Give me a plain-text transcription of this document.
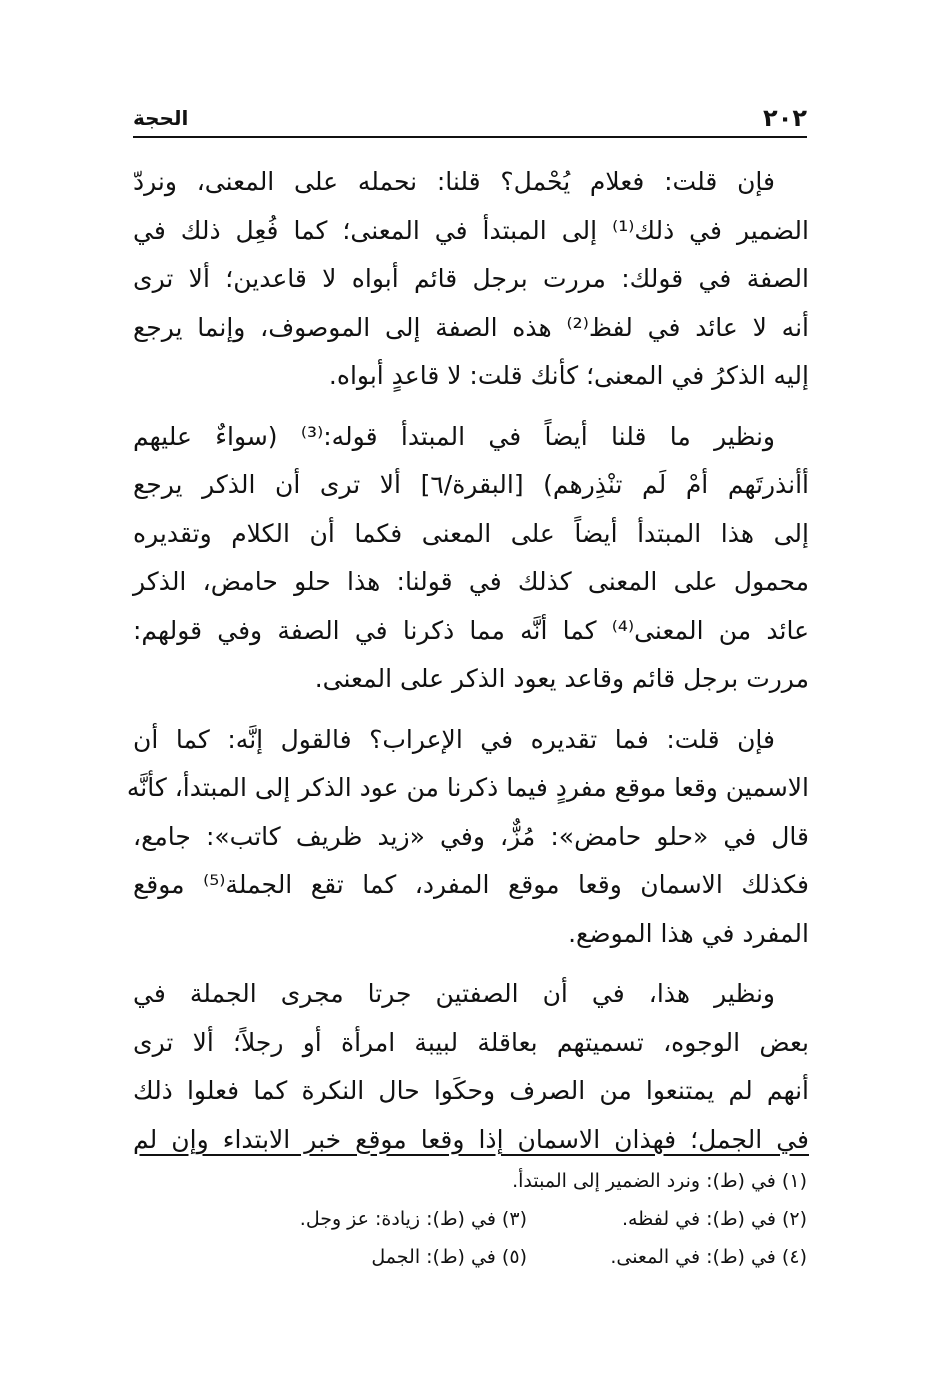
٢٠٢
الحجة
فإن قلت: فعلام يُحْمل؟ قلنا: نحمله على المعنى، ونردّ
الضمير في ذلك⁽¹⁾ إلى المبتدأ في المعنى؛ كما فُعِل ذلك في
الصفة في قولك: مررت برجل قائم أبواه لا قاعدين؛ ألا ترى
أنه لا عائد في لفظ⁽²⁾ هذه الصفة إلى الموصوف، وإنما يرجع
إليه الذكرُ في المعنى؛ كأنك قلت: لا قاعدٍ أبواه.
ونظير ما قلنا أيضاً في المبتدأ قوله:⁽³⁾ (سواءٌ عليهم
أأنذرتَهم أمْ لَم تنْذِرهم) [البقرة/٦] ألا ترى أن الذكر يرجع
إلى هذا المبتدأ أيضاً على المعنى فكما أن الكلام وتقديره
محمول على المعنى كذلك في قولنا: هذا حلو حامض، الذكر
عائد من المعنى⁽⁴⁾ كما أنَّه مما ذكرنا في الصفة وفي قولهم:
مررت برجل قائم وقاعد يعود الذكر على المعنى.
فإن قلت: فما تقديره في الإعراب؟ فالقول إنَّه: كما أن
الاسمين وقعا موقع مفردٍ فيما ذكرنا من عود الذكر إلى المبتدأ، كأنَّه
قال في «حلو حامض»: مُزٌّ، وفي «زيد ظريف كاتب»: جامع،
فكذلك الاسمان وقعا موقع المفرد، كما تقع الجملة⁽⁵⁾ موقع
المفرد في هذا الموضع.
ونظير هذا، في أن الصفتين جرتا مجرى الجملة في
بعض الوجوه، تسميتهم بعاقلة لبيبة امرأة أو رجلاً؛ ألا ترى
أنهم لم يمتنعوا من الصرف وحكَوا حال النكرة كما فعلوا ذلك
في الجمل؛ فهذان الاسمان إذا وقعا موقع خبر الابتداء وإن لم
(١) في (ط): ونرد الضمير إلى المبتدأ.
(٢) في (ط): في لفظه.
(٣) في (ط): زيادة: عز وجل.
(٤) في (ط): في المعنى.
(٥) في (ط): الجمل
